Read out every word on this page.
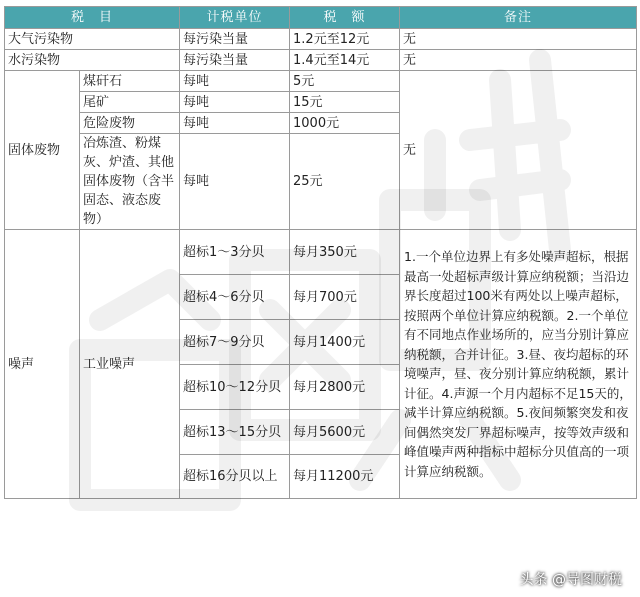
税　目		计税单位	税　额	备注
大气污染物		每污染当量	1.2元至12元	无
水污染物		每污染当量	1.4元至14元	无
固体废物	煤矸石	每吨	5元	无
	尾矿	每吨	15元	
	危险废物	每吨	1000元	
	冶炼渣、粉煤灰、炉渣、其他固体废物（含半固态、液态废物）	每吨	25元	
噪声	工业噪声	超标1～3分贝	每月350元	1.一个单位边界上有多处噪声超标，根据最高一处超标声级计算应纳税额；当沿边界长度超过100米有两处以上噪声超标，按照两个单位计算应纳税额。2.一个单位有不同地点作业场所的，应当分别计算应纳税额，合并计征。3.昼、夜均超标的环境噪声，昼、夜分别计算应纳税额，累计计征。4.声源一个月内超标不足15天的，减半计算应纳税额。5.夜间频繁突发和夜间偶然突发厂界超标噪声，按等效声级和峰值噪声两种指标中超标分贝值高的一项计算应纳税额。
		超标4～6分贝	每月700元	
		超标7～9分贝	每月1400元	
		超标10～12分贝	每月2800元	
		超标13～15分贝	每月5600元	
		超标16分贝以上	每月11200元	
头条 @导图财税
